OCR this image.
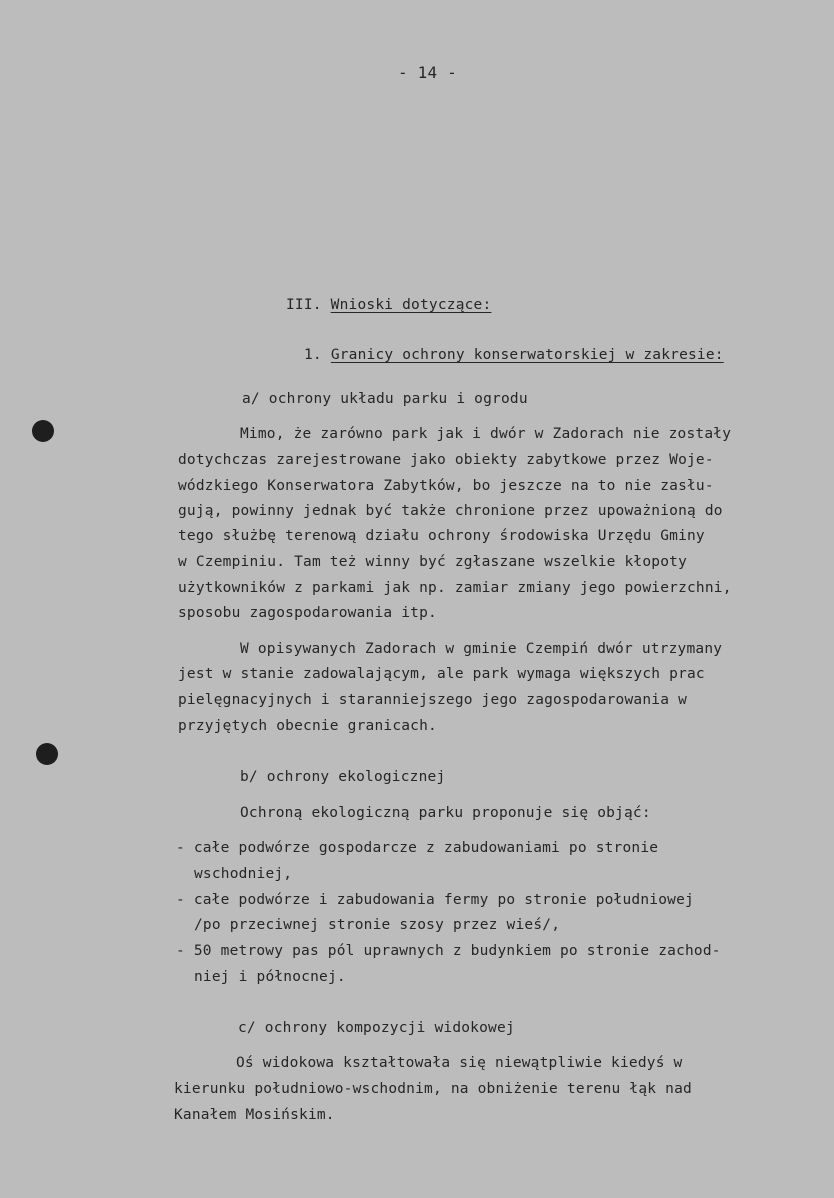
- 14 -
III. Wnioski dotyczące:
1. Granicy ochrony konserwatorskiej w zakresie:
a/ ochrony układu parku i ogrodu
Mimo, że zarówno park jak i dwór w Zadorach nie zostały
dotychczas zarejestrowane jako obiekty zabytkowe przez Woje-
wódzkiego Konserwatora Zabytków, bo jeszcze na to nie zasłu-
gują, powinny jednak być także chronione przez upoważnioną do
tego służbę terenową działu ochrony środowiska Urzędu Gminy
w Czempiniu. Tam też winny być zgłaszane wszelkie kłopoty
użytkowników z parkami jak np. zamiar zmiany jego powierzchni,
sposobu zagospodarowania itp.
W opisywanych Zadorach w gminie Czempiń dwór utrzymany
jest w stanie zadowalającym, ale park wymaga większych prac
pielęgnacyjnych i staranniejszego jego zagospodarowania w
przyjętych obecnie granicach.
b/ ochrony ekologicznej
Ochroną ekologiczną parku proponuje się objąć:
- całe podwórze gospodarcze z zabudowaniami po stronie
wschodniej,
- całe podwórze i zabudowania fermy po stronie południowej
/po przeciwnej stronie szosy przez wieś/,
- 50 metrowy pas pól uprawnych z budynkiem po stronie zachod-
niej i północnej.
c/ ochrony kompozycji widokowej
Oś widokowa kształtowała się niewątpliwie kiedyś w
kierunku południowo-wschodnim, na obniżenie terenu łąk nad
Kanałem Mosińskim.
